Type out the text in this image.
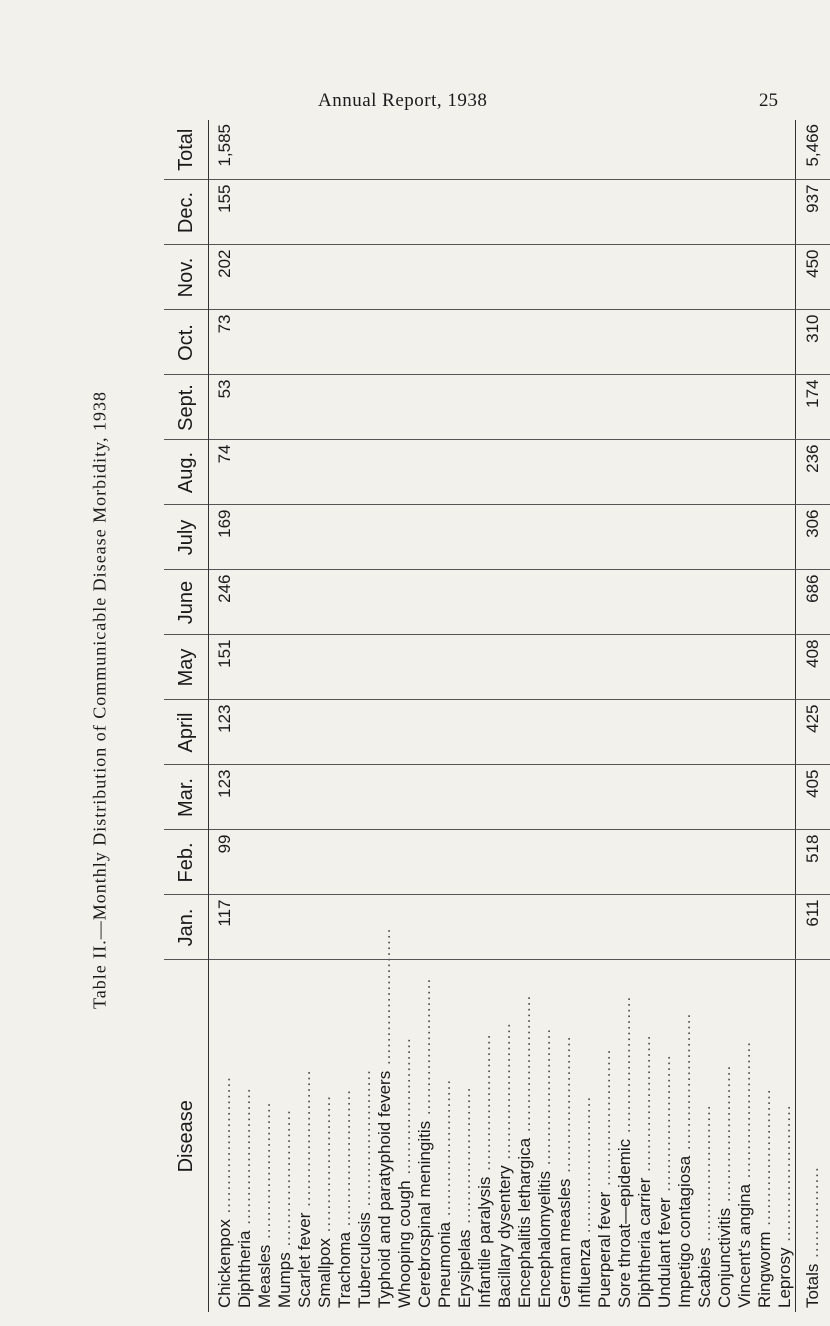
Annual Report, 1938	25
Table II.—Monthly Distribution of Communicable Disease Morbidity, 1938
Disease	Jan.	Feb.	Mar.	April	May	June	July	Aug.	Sept.	Oct.	Nov.	Dec.	Total
Chickenpox ........................	117	99	123	123	151	246	169	74	53	73	202	155	1,585
Diphtheria ........................													
Measles ........................													
Mumps ........................													
Scarlet fever ........................													
Smallpox ........................													
Trachoma ........................													
Tuberculosis ........................													
Typhoid and paratyphoid fevers ........................													
Whooping cough ........................													
Cerebrospinal meningitis ........................													
Pneumonia ........................													
Erysipelas ........................													
Infantile paralysis ........................													
Bacillary dysentery ........................													
Encephalitis lethargica ........................													
Encephalomyelitis ........................													
German measles ........................													
Influenza ........................													
Puerperal fever ........................													
Sore throat—epidemic ........................													
Diphtheria carrier ........................													
Undulant fever ........................													
Impetigo contagiosa ........................													
Scabies ........................													
Conjunctivitis ........................													
Vincent's angina ........................													
Ringworm ........................													
Leprosy ........................													
Totals ................	611	518	405	425	408	686	306	236	174	310	450	937	5,466
